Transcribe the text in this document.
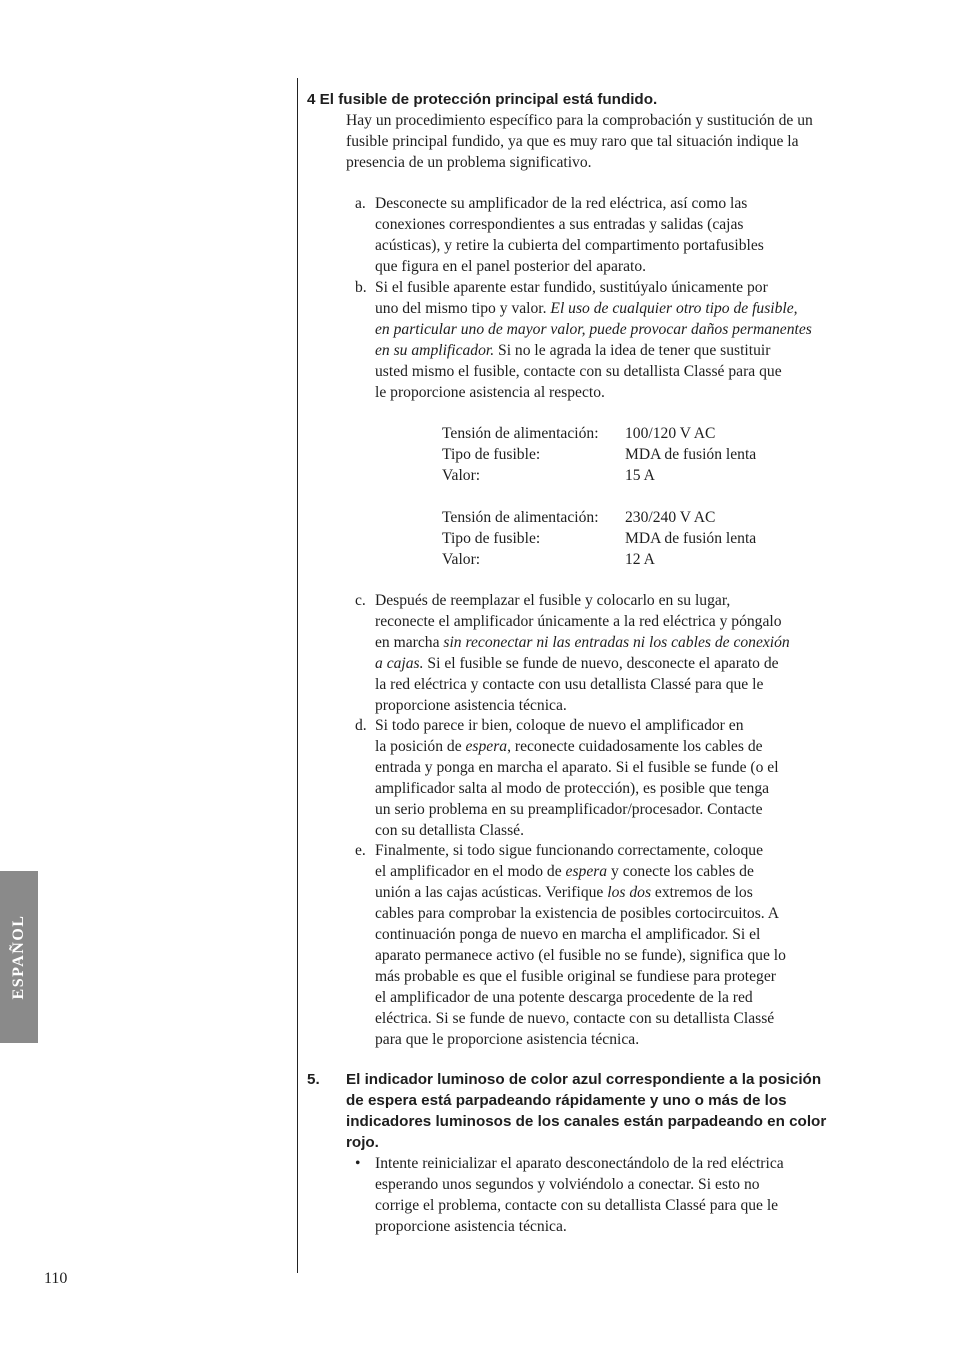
ESPAÑOL
110
4 El fusible de protección principal está fundido.
Hay un procedimiento específico para la comprobación y sustitución de un
fusible principal fundido, ya que es muy raro que tal situación indique la
presencia de un problema significativo.
a. Desconecte su amplificador de la red eléctrica, así como las
conexiones correspondientes a sus entradas y salidas (cajas
acústicas), y retire la cubierta del compartimento portafusibles
que figura en el panel posterior del aparato.
b. Si el fusible aparente estar fundido, sustitúyalo únicamente por
uno del mismo tipo y valor. El uso de cualquier otro tipo de fusible,
en particular uno de mayor valor, puede provocar daños permanentes
en su amplificador. Si no le agrada la idea de tener que sustituir
usted mismo el fusible, contacte con su detallista Classé para que
le proporcione asistencia al respecto.
Tensión de alimentación: 100/120 V AC
Tipo de fusible:	MDA de fusión lenta
Valor:	15 A
Tensión de alimentación: 230/240 V AC
Tipo de fusible:	MDA de fusión lenta
Valor:	12 A
c. Después de reemplazar el fusible y colocarlo en su lugar,
reconecte el amplificador únicamente a la red eléctrica y póngalo
en marcha sin reconectar ni las entradas ni los cables de conexión
a cajas. Si el fusible se funde de nuevo, desconecte el aparato de
la red eléctrica y contacte con usu detallista Classé para que le
proporcione asistencia técnica.
d. Si todo parece ir bien, coloque de nuevo el amplificador en
la posición de espera, reconecte cuidadosamente los cables de
entrada y ponga en marcha el aparato. Si el fusible se funde (o el
amplificador salta al modo de protección), es posible que tenga
un serio problema en su preamplificador/procesador. Contacte
con su detallista Classé.
e. Finalmente, si todo sigue funcionando correctamente, coloque
el amplificador en el modo de espera y conecte los cables de
unión a las cajas acústicas. Verifique los dos extremos de los
cables para comprobar la existencia de posibles cortocircuitos. A
continuación ponga de nuevo en marcha el amplificador. Si el
aparato permanece activo (el fusible no se funde), significa que lo
más probable es que el fusible original se fundiese para proteger
el amplificador de una potente descarga procedente de la red
eléctrica. Si se funde de nuevo, contacte con su detallista Classé
para que le proporcione asistencia técnica.
5. El indicador luminoso de color azul correspondiente a la posición
de espera está parpadeando rápidamente y uno o más de los
indicadores luminosos de los canales están parpadeando en color
rojo.
• Intente reinicializar el aparato desconectándolo de la red eléctrica
esperando unos segundos y volviéndolo a conectar. Si esto no
corrige el problema, contacte con su detallista Classé para que le
proporcione asistencia técnica.
